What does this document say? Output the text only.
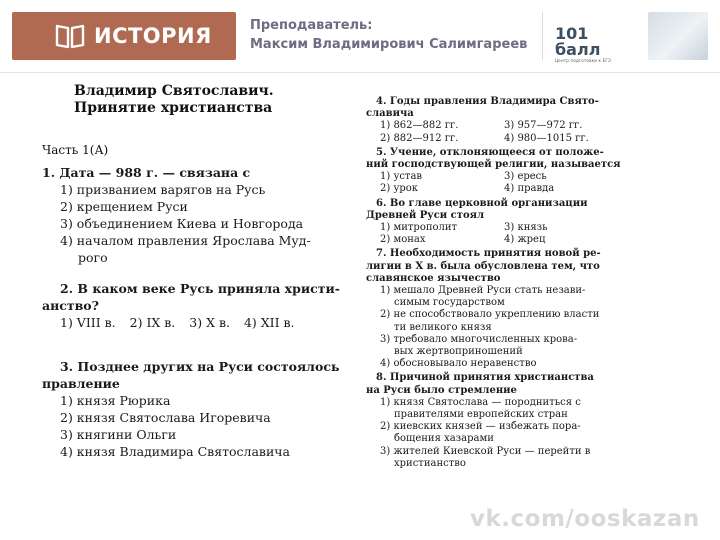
ИСТОРИЯ	Преподаватель:
Максим Владимирович Салимгареев
101 балл
Центр подготовки к ЕГЭ
Владимир Святославич.
Принятие христианства
Часть 1(А)
1. Дата — 988 г. — связана с
1) призванием варягов на Русь
2) крещением Руси
3) объединением Киева и Новгорода
4) началом правления Ярослава Муд-
рого
2. В каком веке Русь приняла христи-
анство?
1) VIII в. 2) IX в. 3) X в. 4) XII в.
3. Позднее других на Руси состоялось
правление
1) князя Рюрика
2) князя Святослава Игоревича
3) княгини Ольги
4) князя Владимира Святославича
4. Годы правления Владимира Свято-
славича
1) 862—882 гг.	3) 957—972 гг.
2) 882—912 гг.	4) 980—1015 гг.
5. Учение, отклоняющееся от положе-
ний господствующей религии, называется
1) устав	3) ересь
2) урок	4) правда
6. Во главе церковной организации
Древней Руси стоял
1) митрополит	3) князь
2) монах	4) жрец
7. Необходимость принятия новой ре-
лигии в X в. была обусловлена тем, что
славянское язычество
1) мешало Древней Руси стать незави-
симым государством
2) не способствовало укреплению власти
ти великого князя
3) требовало многочисленных крова-
вых жертвоприношений
4) обосновывало неравенство
8. Причиной принятия христианства
на Руси было стремление
1) князя Святослава — породниться с
правителями европейских стран
2) киевских князей — избежать пора-
бощения хазарами
3) жителей Киевской Руси — перейти в
христианство
vk.com/ooskazan
